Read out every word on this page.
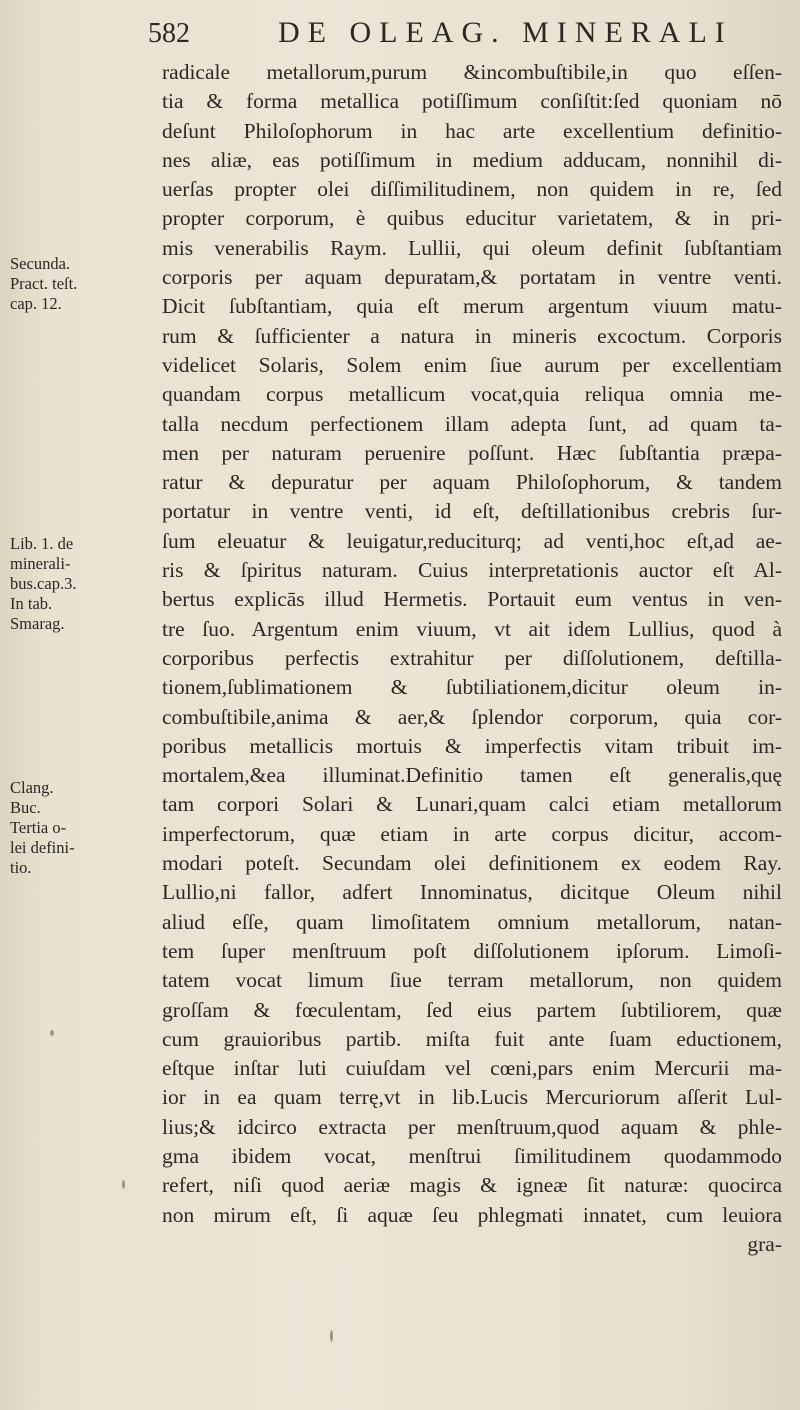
582	DE OLEAG. MINERALI
radicale metallorum,purum &incombuſtibile,in quo eſſen-
tia & forma metallica potiſſimum conſiſtit:ſed quoniam nō
deſunt Philoſophorum in hac arte excellentium definitio-
nes aliæ, eas potiſſimum in medium adducam, nonnihil di-
uerſas propter olei diſſimilitudinem, non quidem in re, ſed
propter corporum, è quibus educitur varietatem, & in pri-
mis venerabilis Raym. Lullii, qui oleum definit ſubſtantiam
corporis per aquam depuratam,& portatam in ventre venti.
Dicit ſubſtantiam, quia eſt merum argentum viuum matu-
rum & ſufficienter a natura in mineris excoctum. Corporis
videlicet Solaris, Solem enim ſiue aurum per excellentiam
quandam corpus metallicum vocat,quia reliqua omnia me-
talla necdum perfectionem illam adepta ſunt, ad quam ta-
men per naturam peruenire poſſunt. Hæc ſubſtantia præpa-
ratur & depuratur per aquam Philoſophorum, & tandem
portatur in ventre venti, id eſt, deſtillationibus crebris ſur-
ſum eleuatur & leuigatur,reduciturq; ad venti,hoc eſt,ad ae-
ris & ſpiritus naturam. Cuius interpretationis auctor eſt Al-
bertus explicās illud Hermetis. Portauit eum ventus in ven-
tre ſuo. Argentum enim viuum, vt ait idem Lullius, quod à
corporibus perfectis extrahitur per diſſolutionem, deſtilla-
tionem,ſublimationem & ſubtiliationem,dicitur oleum in-
combuſtibile,anima & aer,& ſplendor corporum, quia cor-
poribus metallicis mortuis & imperfectis vitam tribuit im-
mortalem,&ea illuminat.Definitio tamen eſt generalis,quę
tam corpori Solari & Lunari,quam calci etiam metallorum
imperfectorum, quæ etiam in arte corpus dicitur, accom-
modari poteſt. Secundam olei definitionem ex eodem Ray.
Lullio,ni fallor, adfert Innominatus, dicitque Oleum nihil
aliud eſſe, quam limoſitatem omnium metallorum, natan-
tem ſuper menſtruum poſt diſſolutionem ipſorum. Limoſi-
tatem vocat limum ſiue terram metallorum, non quidem
groſſam & fœculentam, ſed eius partem ſubtiliorem, quæ
cum grauioribus partib. miſta fuit ante ſuam eductionem,
eſtque inſtar luti cuiuſdam vel cœni,pars enim Mercurii ma-
ior in ea quam terrę,vt in lib.Lucis Mercuriorum aſſerit Lul-
lius;& idcirco extracta per menſtruum,quod aquam & phle-
gma ibidem vocat, menſtrui ſimilitudinem quodammodo
refert, niſi quod aeriæ magis & igneæ ſit naturæ: quocirca
non mirum eſt, ſi aquæ ſeu phlegmati innatet, cum leuiora
gra-
Secunda.
Pract. teſt.
cap. 12.
Lib. 1. de
minerali-
bus.cap.3.
In tab.
Smarag.
Clang.
Buc.
Tertia o-
lei defini-
tio.
